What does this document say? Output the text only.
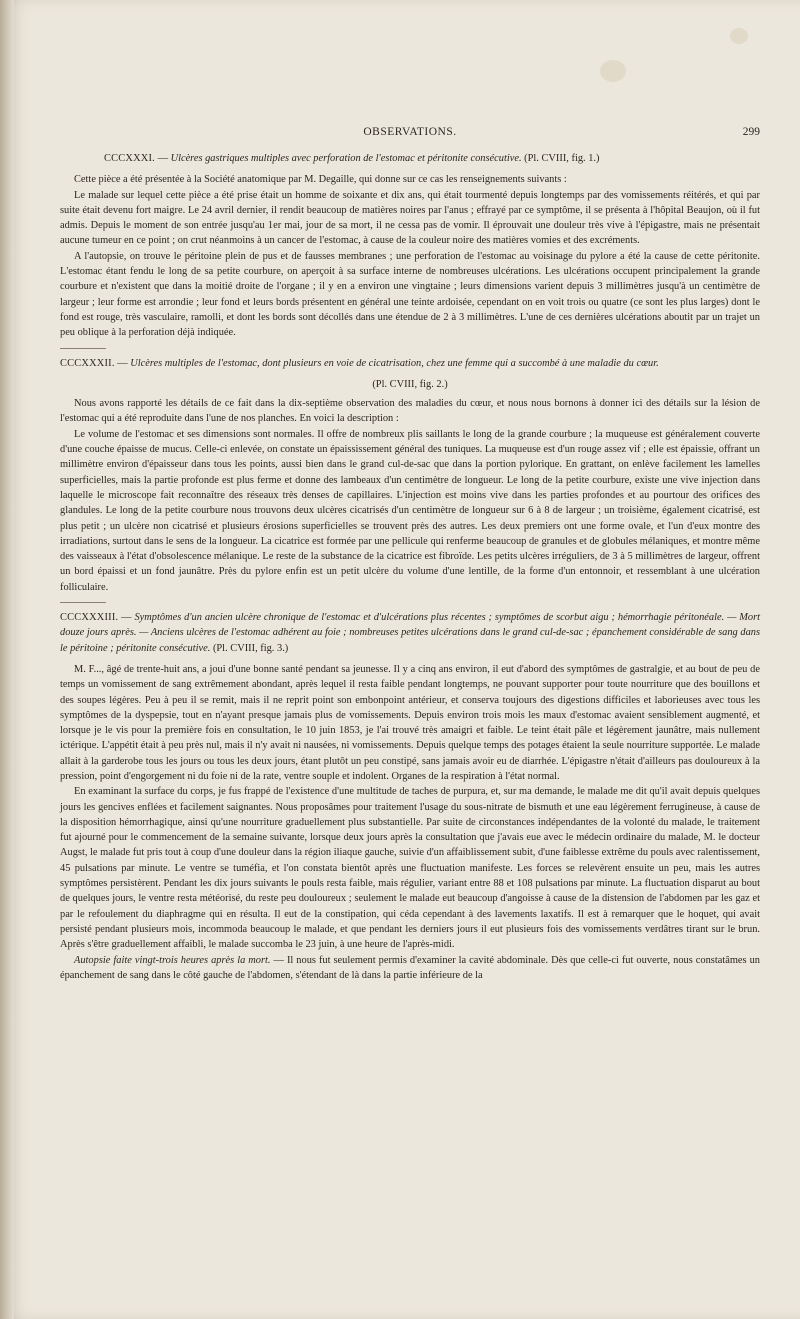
OBSERVATIONS.	299

CCCXXXI. — Ulcères gastriques multiples avec perforation de l'estomac et péritonite consécutive. (Pl. CVIII, fig. 1.)

Cette pièce a été présentée à la Société anatomique par M. Degaille, qui donne sur ce cas les renseignements suivants :

Le malade sur lequel cette pièce a été prise était un homme de soixante et dix ans, qui était tourmenté depuis longtemps par des vomissements réitérés, et qui par suite était devenu fort maigre. Le 24 avril dernier, il rendit beaucoup de matières noires par l'anus ; effrayé par ce symptôme, il se présenta à l'hôpital Beaujon, où il fut admis. Depuis le moment de son entrée jusqu'au 1er mai, jour de sa mort, il ne cessa pas de vomir. Il éprouvait une douleur très vive à l'épigastre, mais ne présentait aucune tumeur en ce point ; on crut néanmoins à un cancer de l'estomac, à cause de la couleur noire des matières vomies et des excréments.

A l'autopsie, on trouve le péritoine plein de pus et de fausses membranes ; une perforation de l'estomac au voisinage du pylore a été la cause de cette péritonite. L'estomac étant fendu le long de sa petite courbure, on aperçoit à sa surface interne de nombreuses ulcérations. Les ulcérations occupent principalement la grande courbure et n'existent que dans la moitié droite de l'organe ; il y en a environ une vingtaine ; leurs dimensions varient depuis 3 millimètres jusqu'à un centimètre de largeur ; leur forme est arrondie ; leur fond et leurs bords présentent en général une teinte ardoisée, cependant on en voit trois ou quatre (ce sont les plus larges) dont le fond est rouge, très vasculaire, ramolli, et dont les bords sont décollés dans une étendue de 2 à 3 millimètres. L'une de ces dernières ulcérations aboutit par un trajet un peu oblique à la perforation déjà indiquée.

CCCXXXII. — Ulcères multiples de l'estomac, dont plusieurs en voie de cicatrisation, chez une femme qui a succombé à une maladie du cœur.

(Pl. CVIII, fig. 2.)

Nous avons rapporté les détails de ce fait dans la dix-septième observation des maladies du cœur, et nous nous bornons à donner ici des détails sur la lésion de l'estomac qui a été reproduite dans l'une de nos planches. En voici la description :

Le volume de l'estomac et ses dimensions sont normales. Il offre de nombreux plis saillants le long de la grande courbure ; la muqueuse est généralement couverte d'une couche épaisse de mucus. Celle-ci enlevée, on constate un épaississement général des tuniques. La muqueuse est d'un rouge assez vif ; elle est épaissie, offrant un millimètre environ d'épaisseur dans tous les points, aussi bien dans le grand cul-de-sac que dans la portion pylorique. En grattant, on enlève facilement les lamelles superficielles, mais la partie profonde est plus ferme et donne des lambeaux d'un centimètre de longueur. Le long de la petite courbure, existe une vive injection dans laquelle le microscope fait reconnaître des réseaux très denses de capillaires. L'injection est moins vive dans les parties profondes et au pourtour des orifices des glandules. Le long de la petite courbure nous trouvons deux ulcères cicatrisés d'un centimètre de longueur sur 6 à 8 de largeur ; un troisième, également cicatrisé, est plus petit ; un ulcère non cicatrisé et plusieurs érosions superficielles se trouvent près des autres. Les deux premiers ont une forme ovale, et l'un d'eux montre des irradiations, surtout dans le sens de la longueur. La cicatrice est formée par une pellicule qui renferme beaucoup de granules et de globules mélaniques, et montre même des vaisseaux à l'état d'obsolescence mélanique. Le reste de la substance de la cicatrice est fibroïde. Les petits ulcères irréguliers, de 3 à 5 millimètres de largeur, offrent un bord épaissi et un fond jaunâtre. Près du pylore enfin est un petit ulcère du volume d'une lentille, de la forme d'un entonnoir, et ressemblant à une ulcération folliculaire.

CCCXXXIII. — Symptômes d'un ancien ulcère chronique de l'estomac et d'ulcérations plus récentes ; symptômes de scorbut aigu ; hémorrhagie péritonéale. — Mort douze jours après. — Anciens ulcères de l'estomac adhérent au foie ; nombreuses petites ulcérations dans le grand cul-de-sac ; épanchement considérable de sang dans le péritoine ; péritonite consécutive. (Pl. CVIII, fig. 3.)

M. F..., âgé de trente-huit ans, a joui d'une bonne santé pendant sa jeunesse. Il y a cinq ans environ, il eut d'abord des symptômes de gastralgie, et au bout de peu de temps un vomissement de sang extrêmement abondant, après lequel il resta faible pendant longtemps, ne pouvant supporter pour toute nourriture que des bouillons et des soupes légères. Peu à peu il se remit, mais il ne reprit point son embonpoint antérieur, et conserva toujours des digestions difficiles et laborieuses avec tous les symptômes de la dyspepsie, tout en n'ayant presque jamais plus de vomissements. Depuis environ trois mois les maux d'estomac avaient sensiblement augmenté, et lorsque je le vis pour la première fois en consultation, le 10 juin 1853, je l'ai trouvé très amaigri et faible. Le teint était pâle et légèrement jaunâtre, mais nullement ictérique. L'appétit était à peu près nul, mais il n'y avait ni nausées, ni vomissements. Depuis quelque temps des potages étaient la seule nourriture supportée. Le malade allait à la garderobe tous les jours ou tous les deux jours, étant plutôt un peu constipé, sans jamais avoir eu de diarrhée. L'épigastre n'était d'ailleurs pas douloureux à la pression, point d'engorgement ni du foie ni de la rate, ventre souple et indolent. Organes de la respiration à l'état normal.

En examinant la surface du corps, je fus frappé de l'existence d'une multitude de taches de purpura, et, sur ma demande, le malade me dit qu'il avait depuis quelques jours les gencives enflées et facilement saignantes. Nous proposâmes pour traitement l'usage du sous-nitrate de bismuth et une eau légèrement ferrugineuse, à cause de la disposition hémorrhagique, ainsi qu'une nourriture graduellement plus substantielle. Par suite de circonstances indépendantes de la volonté du malade, le traitement fut ajourné pour le commencement de la semaine suivante, lorsque deux jours après la consultation que j'avais eue avec le médecin ordinaire du malade, M. le docteur Augst, le malade fut pris tout à coup d'une douleur dans la région iliaque gauche, suivie d'un affaiblissement subit, d'une faiblesse extrême du pouls avec ralentissement, 45 pulsations par minute. Le ventre se tuméfia, et l'on constata bientôt après une fluctuation manifeste. Les forces se relevèrent ensuite un peu, mais les autres symptômes persistèrent. Pendant les dix jours suivants le pouls resta faible, mais régulier, variant entre 88 et 108 pulsations par minute. La fluctuation disparut au bout de quelques jours, le ventre resta météorisé, du reste peu douloureux ; seulement le malade eut beaucoup d'angoisse à cause de la distension de l'abdomen par les gaz et par le refoulement du diaphragme qui en résulta. Il eut de la constipation, qui céda cependant à des lavements laxatifs. Il est à remarquer que le hoquet, qui avait persisté pendant plusieurs mois, incommoda beaucoup le malade, et que pendant les derniers jours il eut plusieurs fois des vomissements verdâtres tirant sur le brun. Après s'être graduellement affaibli, le malade succomba le 23 juin, à une heure de l'après-midi.

Autopsie faite vingt-trois heures après la mort. — Il nous fut seulement permis d'examiner la cavité abdominale. Dès que celle-ci fut ouverte, nous constatâmes un épanchement de sang dans le côté gauche de l'abdomen, s'étendant de là dans la partie inférieure de la
